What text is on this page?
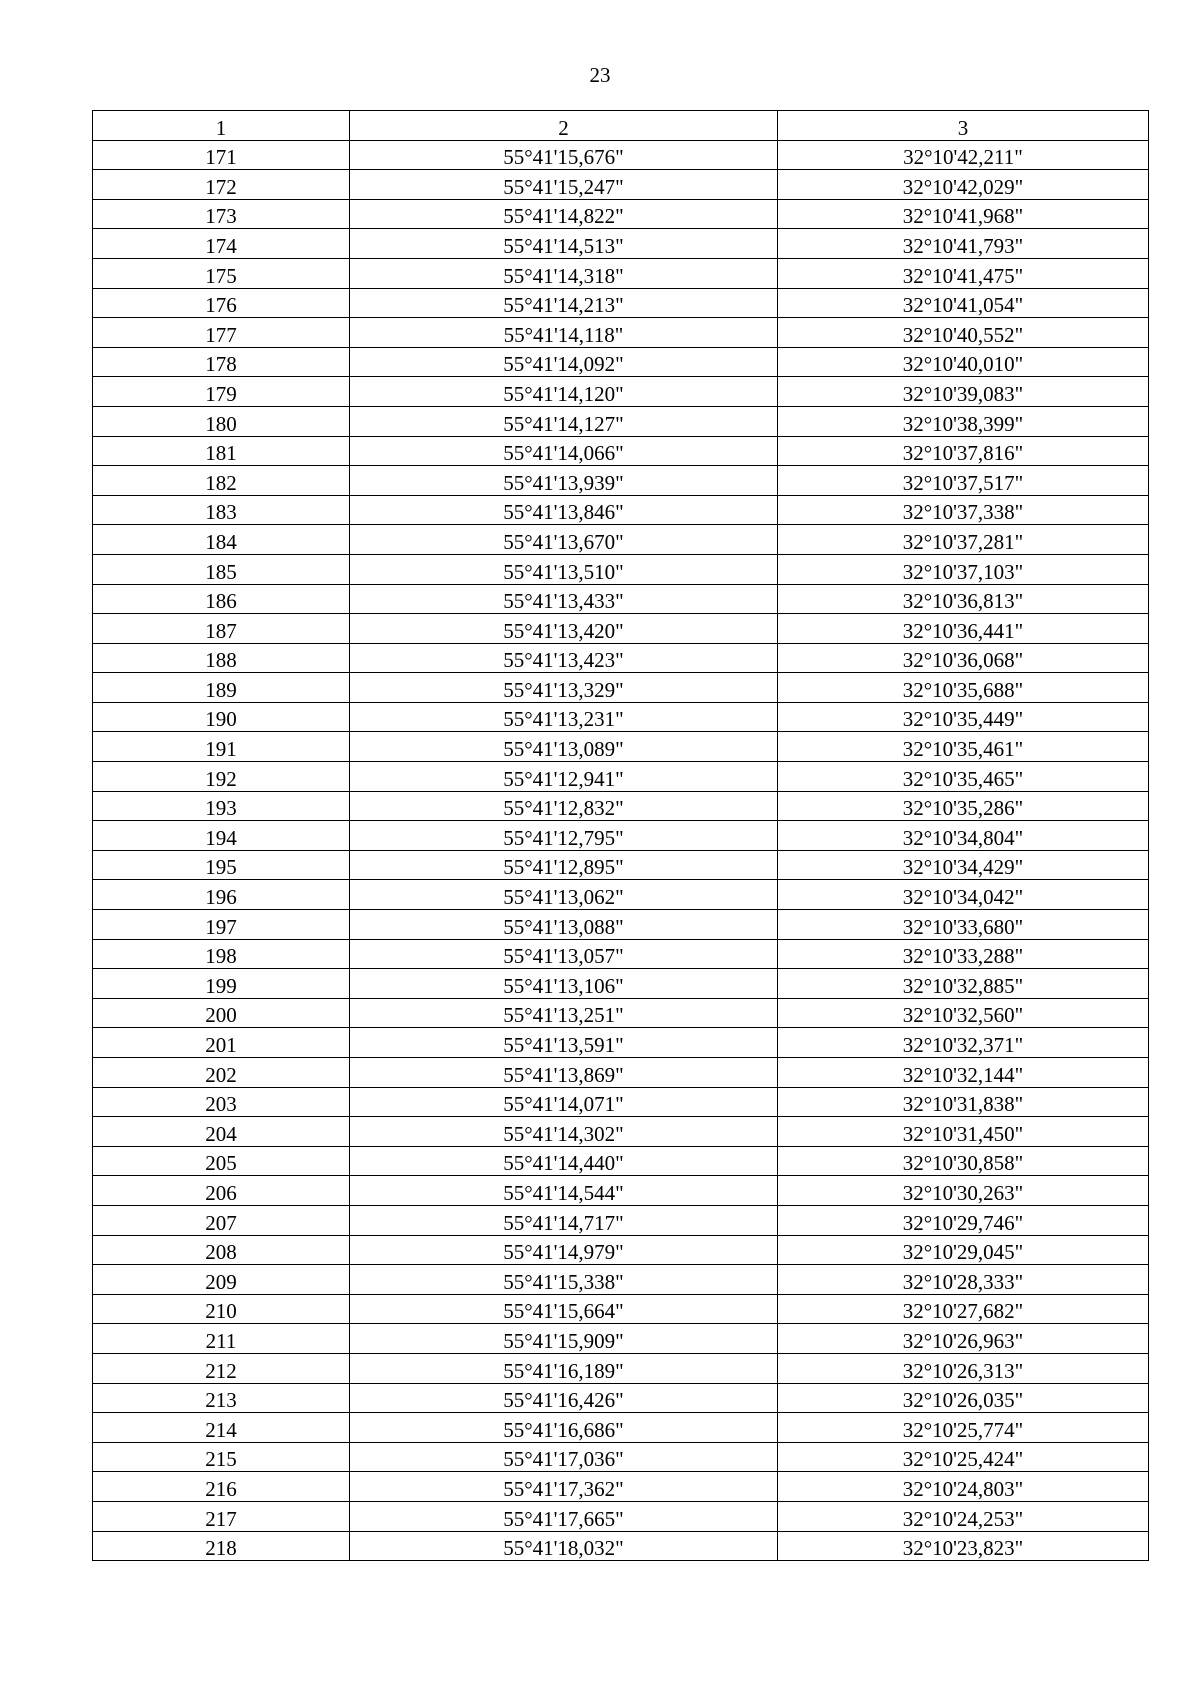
23
1	2	3
171	55°41'15,676"	32°10'42,211"
172	55°41'15,247"	32°10'42,029"
173	55°41'14,822"	32°10'41,968"
174	55°41'14,513"	32°10'41,793"
175	55°41'14,318"	32°10'41,475"
176	55°41'14,213"	32°10'41,054"
177	55°41'14,118"	32°10'40,552"
178	55°41'14,092"	32°10'40,010"
179	55°41'14,120"	32°10'39,083"
180	55°41'14,127"	32°10'38,399"
181	55°41'14,066"	32°10'37,816"
182	55°41'13,939"	32°10'37,517"
183	55°41'13,846"	32°10'37,338"
184	55°41'13,670"	32°10'37,281"
185	55°41'13,510"	32°10'37,103"
186	55°41'13,433"	32°10'36,813"
187	55°41'13,420"	32°10'36,441"
188	55°41'13,423"	32°10'36,068"
189	55°41'13,329"	32°10'35,688"
190	55°41'13,231"	32°10'35,449"
191	55°41'13,089"	32°10'35,461"
192	55°41'12,941"	32°10'35,465"
193	55°41'12,832"	32°10'35,286"
194	55°41'12,795"	32°10'34,804"
195	55°41'12,895"	32°10'34,429"
196	55°41'13,062"	32°10'34,042"
197	55°41'13,088"	32°10'33,680"
198	55°41'13,057"	32°10'33,288"
199	55°41'13,106"	32°10'32,885"
200	55°41'13,251"	32°10'32,560"
201	55°41'13,591"	32°10'32,371"
202	55°41'13,869"	32°10'32,144"
203	55°41'14,071"	32°10'31,838"
204	55°41'14,302"	32°10'31,450"
205	55°41'14,440"	32°10'30,858"
206	55°41'14,544"	32°10'30,263"
207	55°41'14,717"	32°10'29,746"
208	55°41'14,979"	32°10'29,045"
209	55°41'15,338"	32°10'28,333"
210	55°41'15,664"	32°10'27,682"
211	55°41'15,909"	32°10'26,963"
212	55°41'16,189"	32°10'26,313"
213	55°41'16,426"	32°10'26,035"
214	55°41'16,686"	32°10'25,774"
215	55°41'17,036"	32°10'25,424"
216	55°41'17,362"	32°10'24,803"
217	55°41'17,665"	32°10'24,253"
218	55°41'18,032"	32°10'23,823"
